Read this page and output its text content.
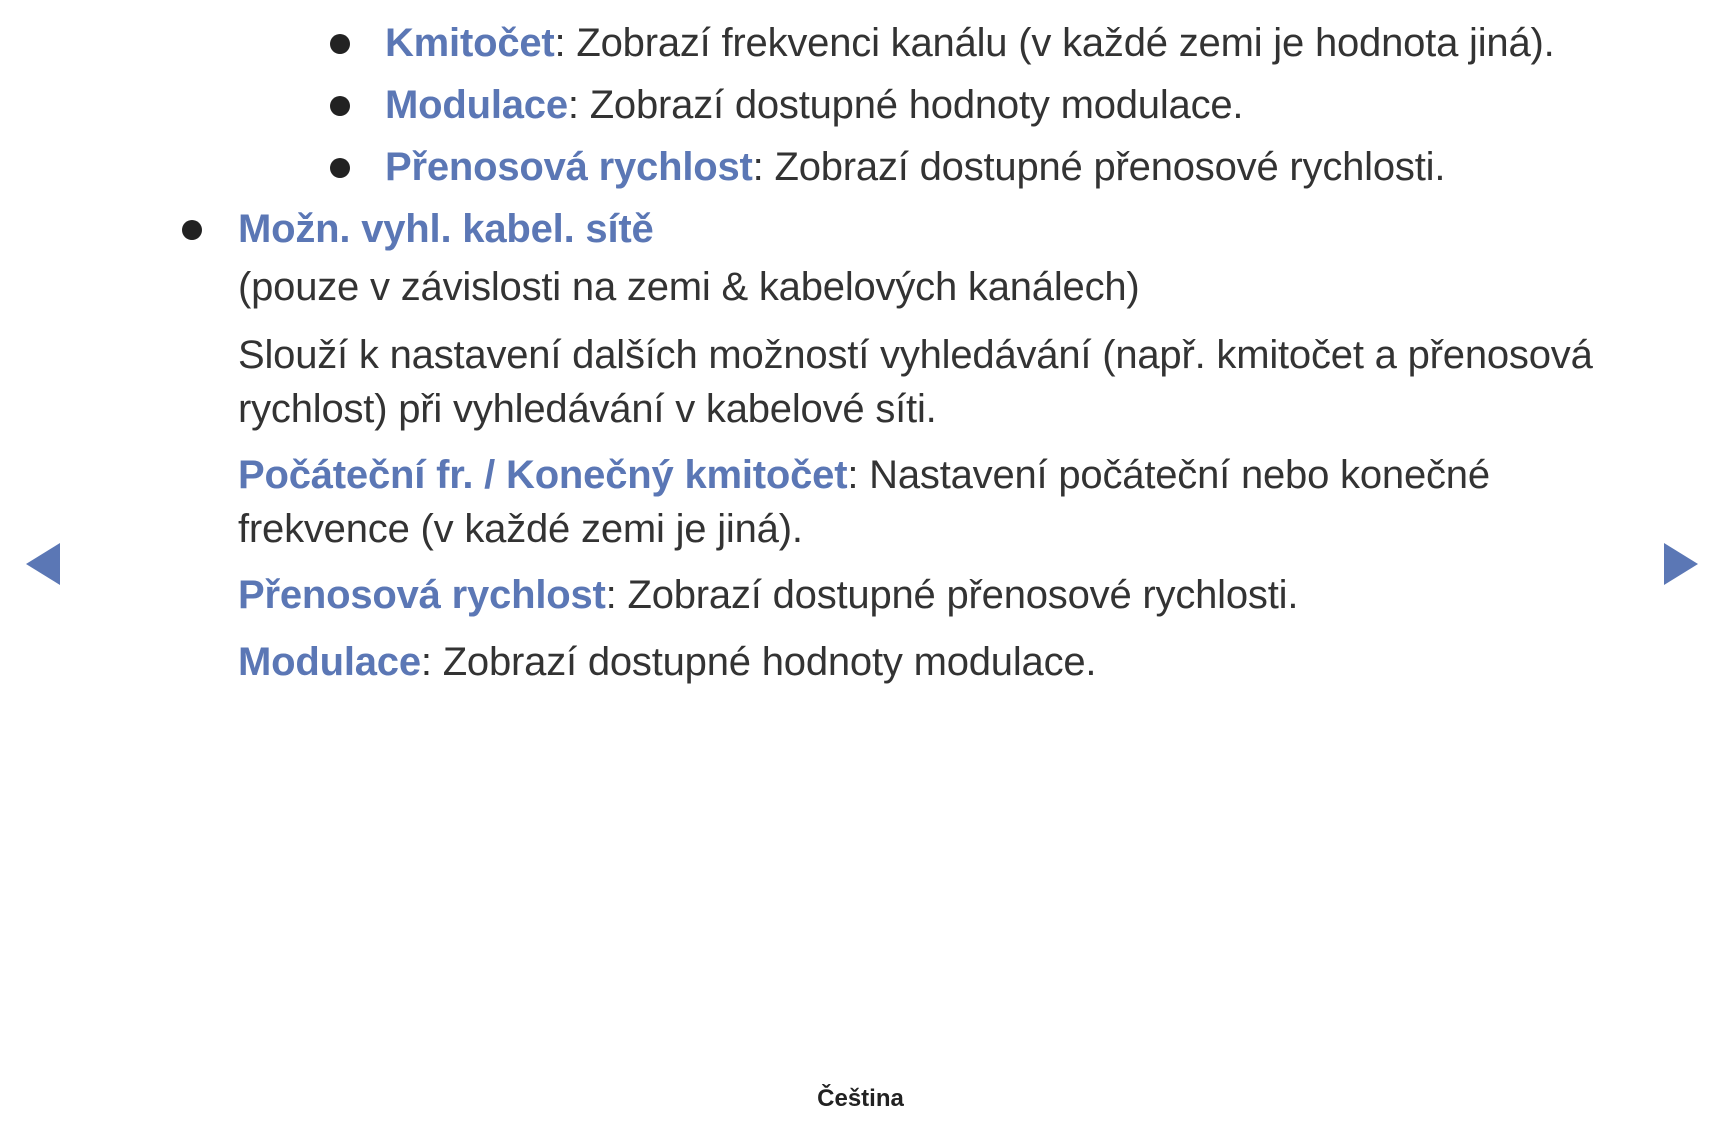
Kmitočet: Zobrazí frekvenci kanálu (v každé zemi je hodnota jiná).
Modulace: Zobrazí dostupné hodnoty modulace.
Přenosová rychlost: Zobrazí dostupné přenosové rychlosti.
Možn. vyhl. kabel. sítě
(pouze v závislosti na zemi & kabelových kanálech)
Slouží k nastavení dalších možností vyhledávání (např. kmitočet a přenosová rychlost) při vyhledávání v kabelové síti.
Počáteční fr. / Konečný kmitočet: Nastavení počáteční nebo konečné frekvence (v každé zemi je jiná).
Přenosová rychlost: Zobrazí dostupné přenosové rychlosti.
Modulace: Zobrazí dostupné hodnoty modulace.
Čeština
